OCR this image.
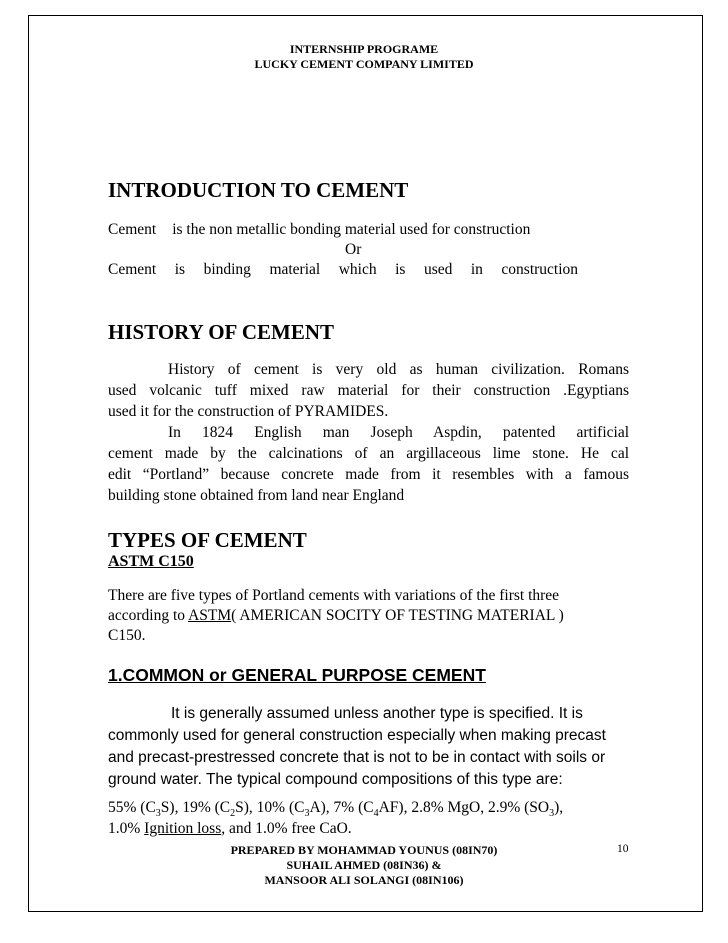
INTERNSHIP PROGRAME
LUCKY CEMENT COMPANY LIMITED
INTRODUCTION TO CEMENT
Cement is the non metallic bonding material used for construction
Or
Cement is binding material which is used in construction
HISTORY OF CEMENT
History of cement is very old as human civilization. Romans
used volcanic tuff mixed raw material for their construction .Egyptians
used it for the construction of PYRAMIDES.
In 1824 English man Joseph Aspdin, patented artificial
cement made by the calcinations of an argillaceous lime stone. He cal
edit “Portland” because concrete made from it resembles with a famous
building stone obtained from land near England
TYPES OF CEMENT
ASTM C150
There are five types of Portland cements with variations of the first three
according to ASTM( AMERICAN SOCITY OF TESTING MATERIAL )
C150.
1.COMMON or GENERAL PURPOSE CEMENT
It is generally assumed unless another type is specified. It is
commonly used for general construction especially when making precast
and precast-prestressed concrete that is not to be in contact with soils or
ground water. The typical compound compositions of this type are:
55% $(C_3S)$, 19% $(C_2S)$, 10% $(C_3A)$, 7% $(C_4AF)$, 2.8% MgO, 2.9% $(SO_3)$,
1.0% Ignition loss, and 1.0% free CaO.
PREPARED BY MOHAMMAD YOUNUS (08IN70)
SUHAIL AHMED (08IN36) &
MANSOOR ALI SOLANGI (08IN106)
10
